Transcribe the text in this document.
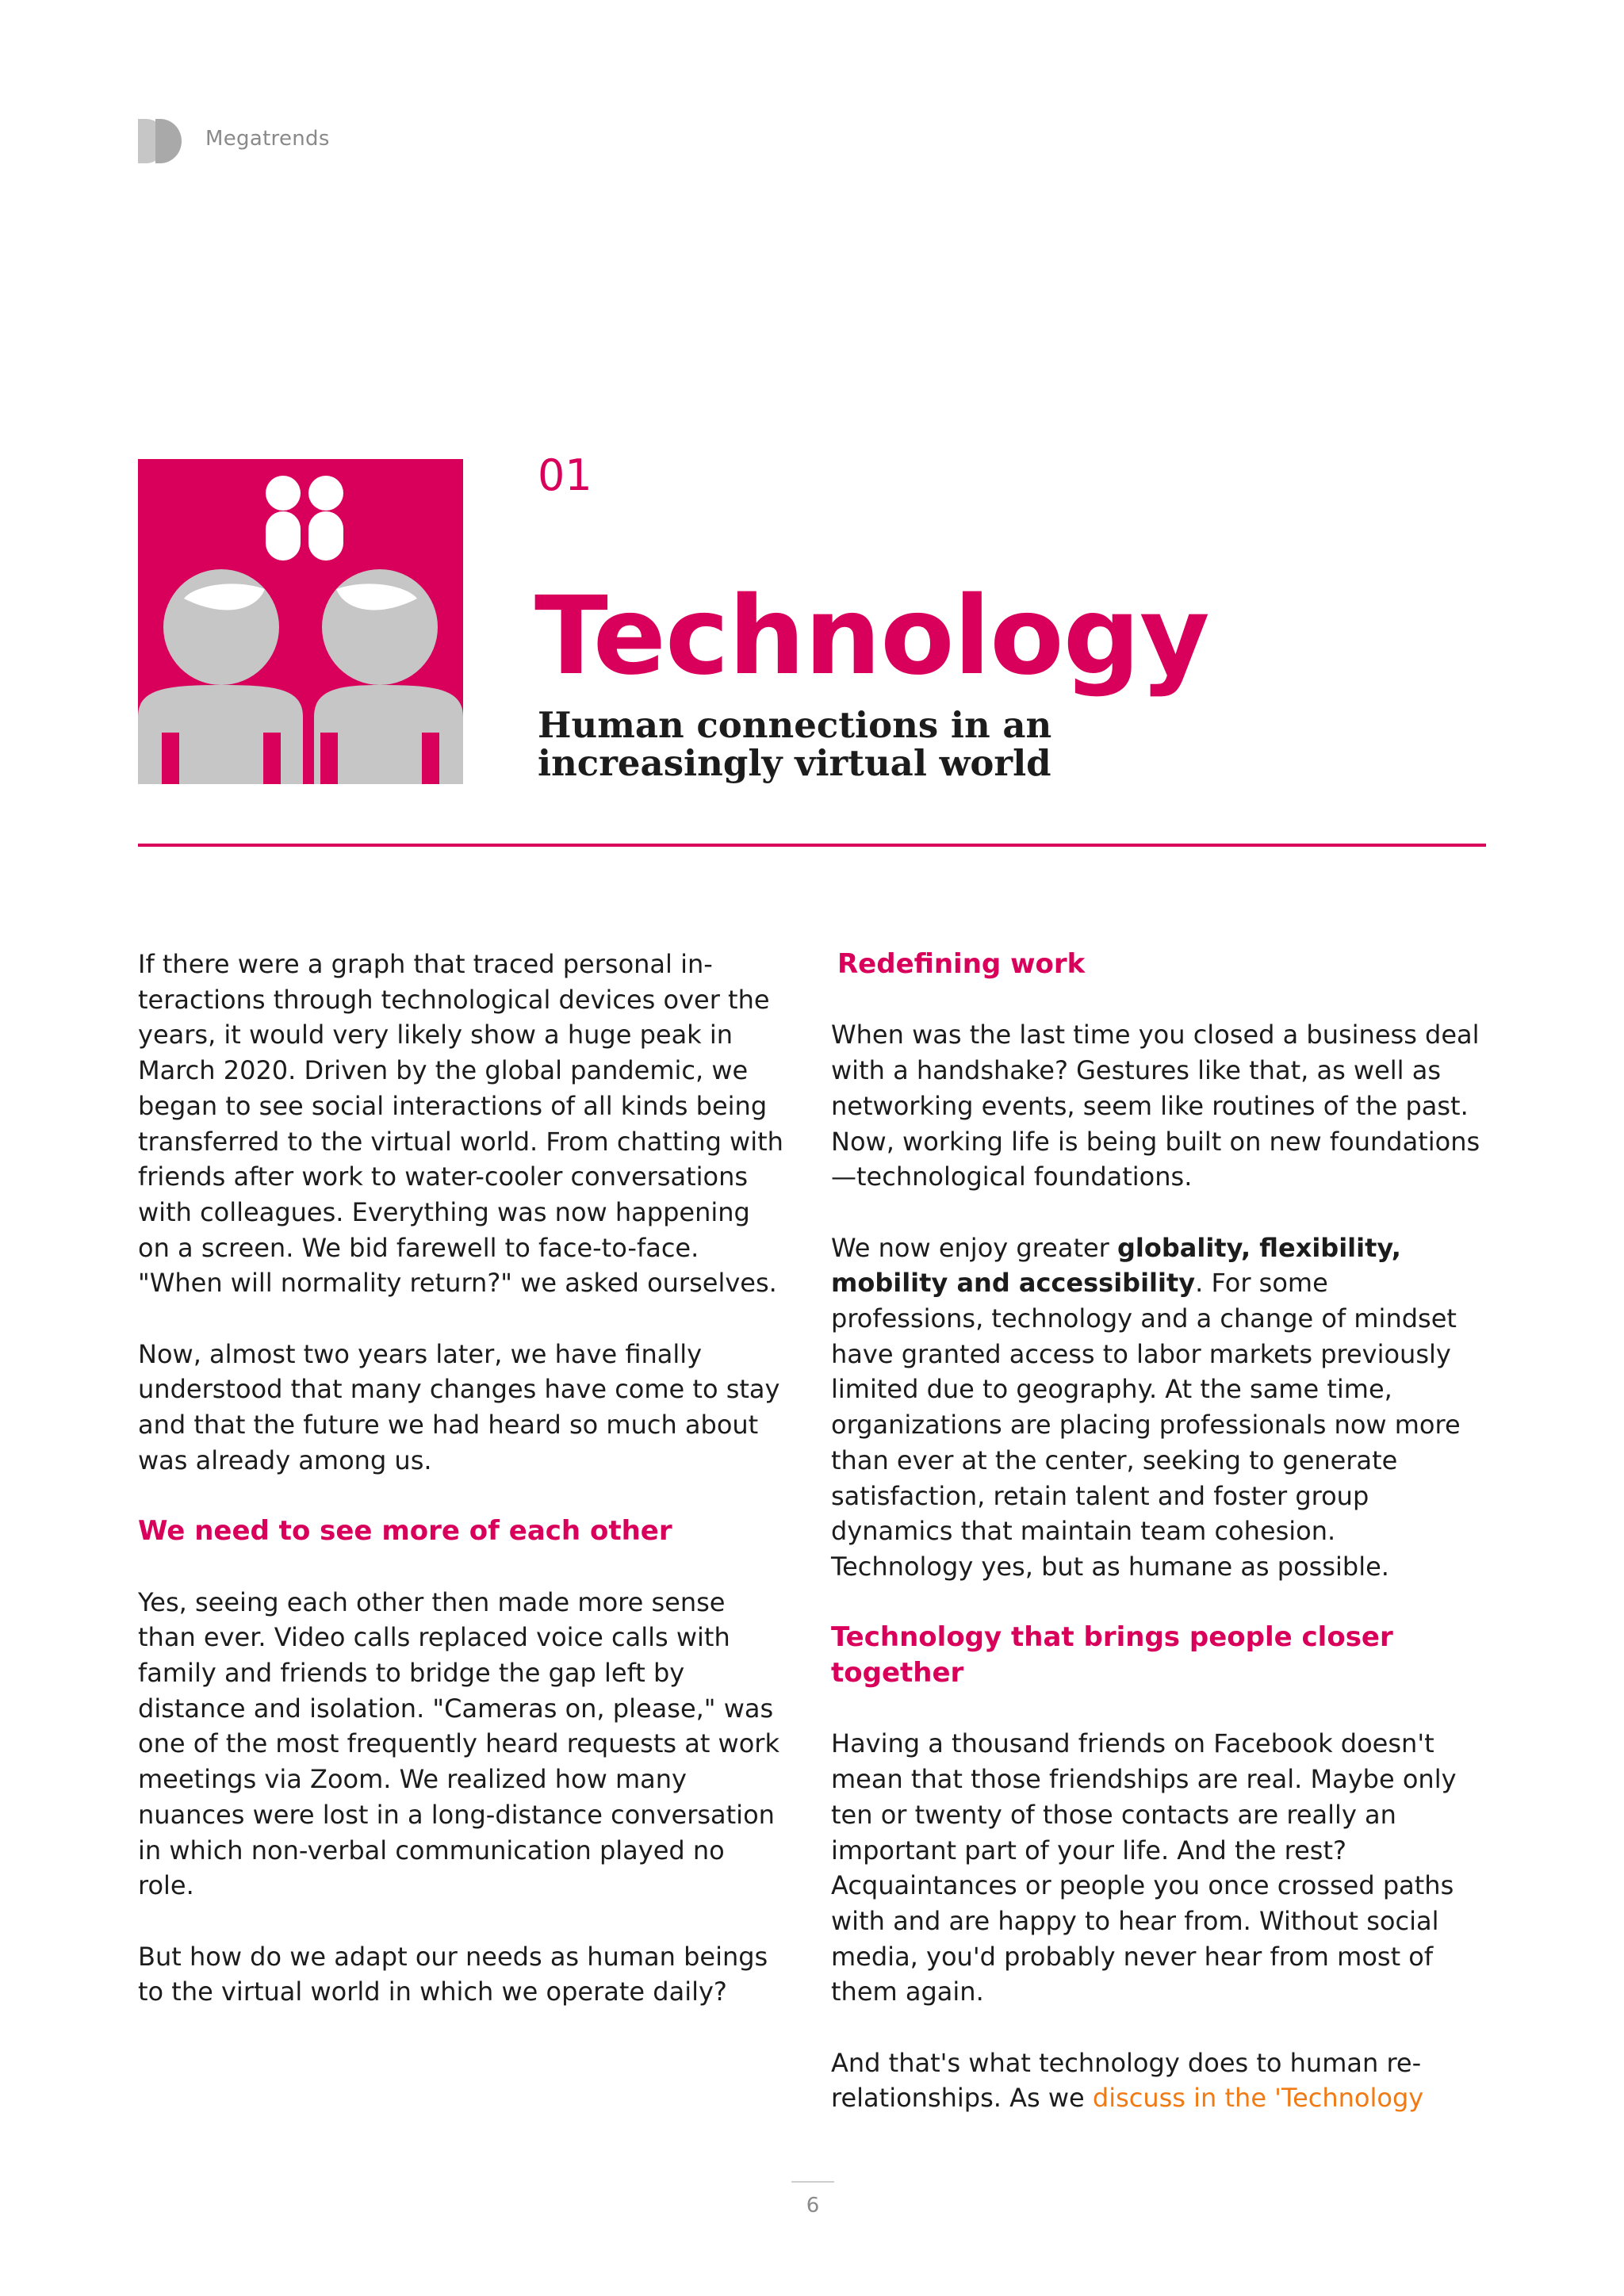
Megatrends
01
Technology
Human connections in an increasingly virtual world

If there were a graph that traced personal in-teractions through technological devices over the years, it would very likely show a huge peak in March 2020. Driven by the global pandemic, we began to see social interactions of all kinds being transferred to the virtual world. From chatting with friends after work to water-cooler conversations with colleagues. Everything was now happening on a screen. We bid farewell to face-to-face. "When will normality return?" we asked ourselves.

Now, almost two years later, we have finally understood that many changes have come to stay and that the future we had heard so much about was already among us.

We need to see more of each other

Yes, seeing each other then made more sense than ever. Video calls replaced voice calls with family and friends to bridge the gap left by distance and isolation. "Cameras on, please," was one of the most frequently heard requests at work meetings via Zoom. We realized how many nuances were lost in a long-distance conversation in which non-verbal communication played no role.

But how do we adapt our needs as human beings to the virtual world in which we operate daily?

Redefining work

When was the last time you closed a business deal with a handshake? Gestures like that, as well as networking events, seem like routines of the past. Now, working life is being built on new foundations—technological foundations.

We now enjoy greater globality, flexibility, mobility and accessibility. For some professions, technology and a change of mindset have granted access to labor markets previously limited due to geography. At the same time, organizations are placing professionals now more than ever at the center, seeking to generate satisfaction, retain talent and foster group dynamics that maintain team cohesion. Technology yes, but as humane as possible.

Technology that brings people closer together

Having a thousand friends on Facebook doesn't mean that those friendships are real. Maybe only ten or twenty of those contacts are really an important part of your life. And the rest? Acquaintances or people you once crossed paths with and are happy to hear from. Without social media, you'd probably never hear from most of them again.

And that's what technology does to human re-relationships. As we discuss in the 'Technology

6
